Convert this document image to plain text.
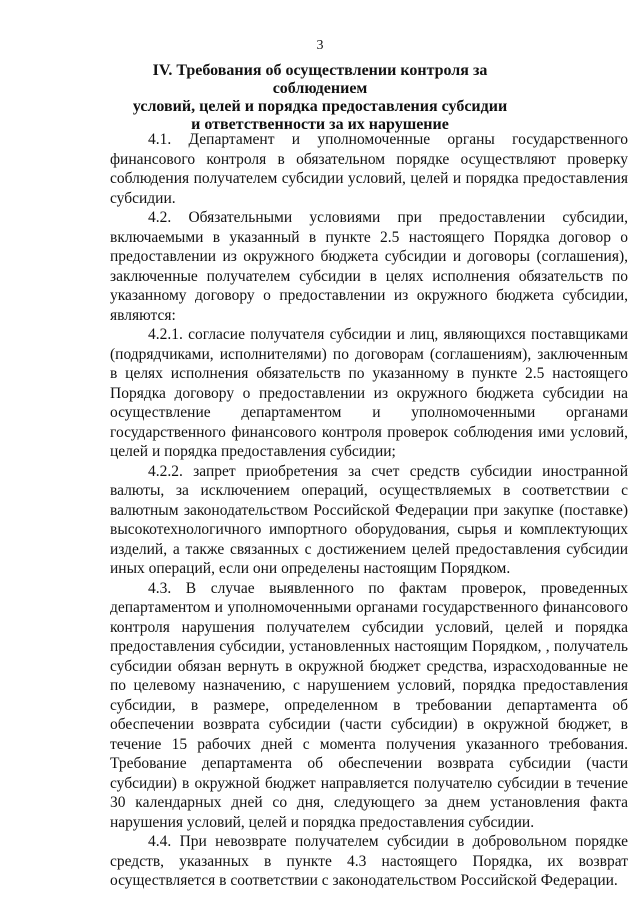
3
IV. Требования об осуществлении контроля за соблюдением
условий, целей и порядка предоставления субсидии
и ответственности за их нарушение

4.1. Департамент и уполномоченные органы государственного финансового контроля в обязательном порядке осуществляют проверку соблюдения получателем субсидии условий, целей и порядка предоставления субсидии.

4.2. Обязательными условиями при предоставлении субсидии, включаемыми в указанный в пункте 2.5 настоящего Порядка договор о предоставлении из окружного бюджета субсидии и договоры (соглашения), заключенные получателем субсидии в целях исполнения обязательств по указанному договору о предоставлении из окружного бюджета субсидии, являются:

4.2.1. согласие получателя субсидии и лиц, являющихся поставщиками (подрядчиками, исполнителями) по договорам (соглашениям), заключенным в целях исполнения обязательств по указанному в пункте 2.5 настоящего Порядка договору о предоставлении из окружного бюджета субсидии на осуществление департаментом и уполномоченными органами государственного финансового контроля проверок соблюдения ими условий, целей и порядка предоставления субсидии;

4.2.2. запрет приобретения за счет средств субсидии иностранной валюты, за исключением операций, осуществляемых в соответствии с валютным законодательством Российской Федерации при закупке (поставке) высокотехнологичного импортного оборудования, сырья и комплектующих изделий, а также связанных с достижением целей предоставления субсидии иных операций, если они определены настоящим Порядком.

4.3. В случае выявленного по фактам проверок, проведенных департаментом и уполномоченными органами государственного финансового контроля нарушения получателем субсидии условий, целей и порядка предоставления субсидии, установленных настоящим Порядком, , получатель субсидии обязан вернуть в окружной бюджет средства, израсходованные не по целевому назначению, с нарушением условий, порядка предоставления субсидии, в размере, определенном в требовании департамента об обеспечении возврата субсидии (части субсидии) в окружной бюджет, в течение 15 рабочих дней с момента получения указанного требования. Требование департамента об обеспечении возврата субсидии (части субсидии) в окружной бюджет направляется получателю субсидии в течение 30 календарных дней со дня, следующего за днем установления факта нарушения условий, целей и порядка предоставления субсидии.

4.4. При невозврате получателем субсидии в добровольном порядке средств, указанных в пункте 4.3 настоящего Порядка, их возврат осуществляется в соответствии с законодательством Российской Федерации.
